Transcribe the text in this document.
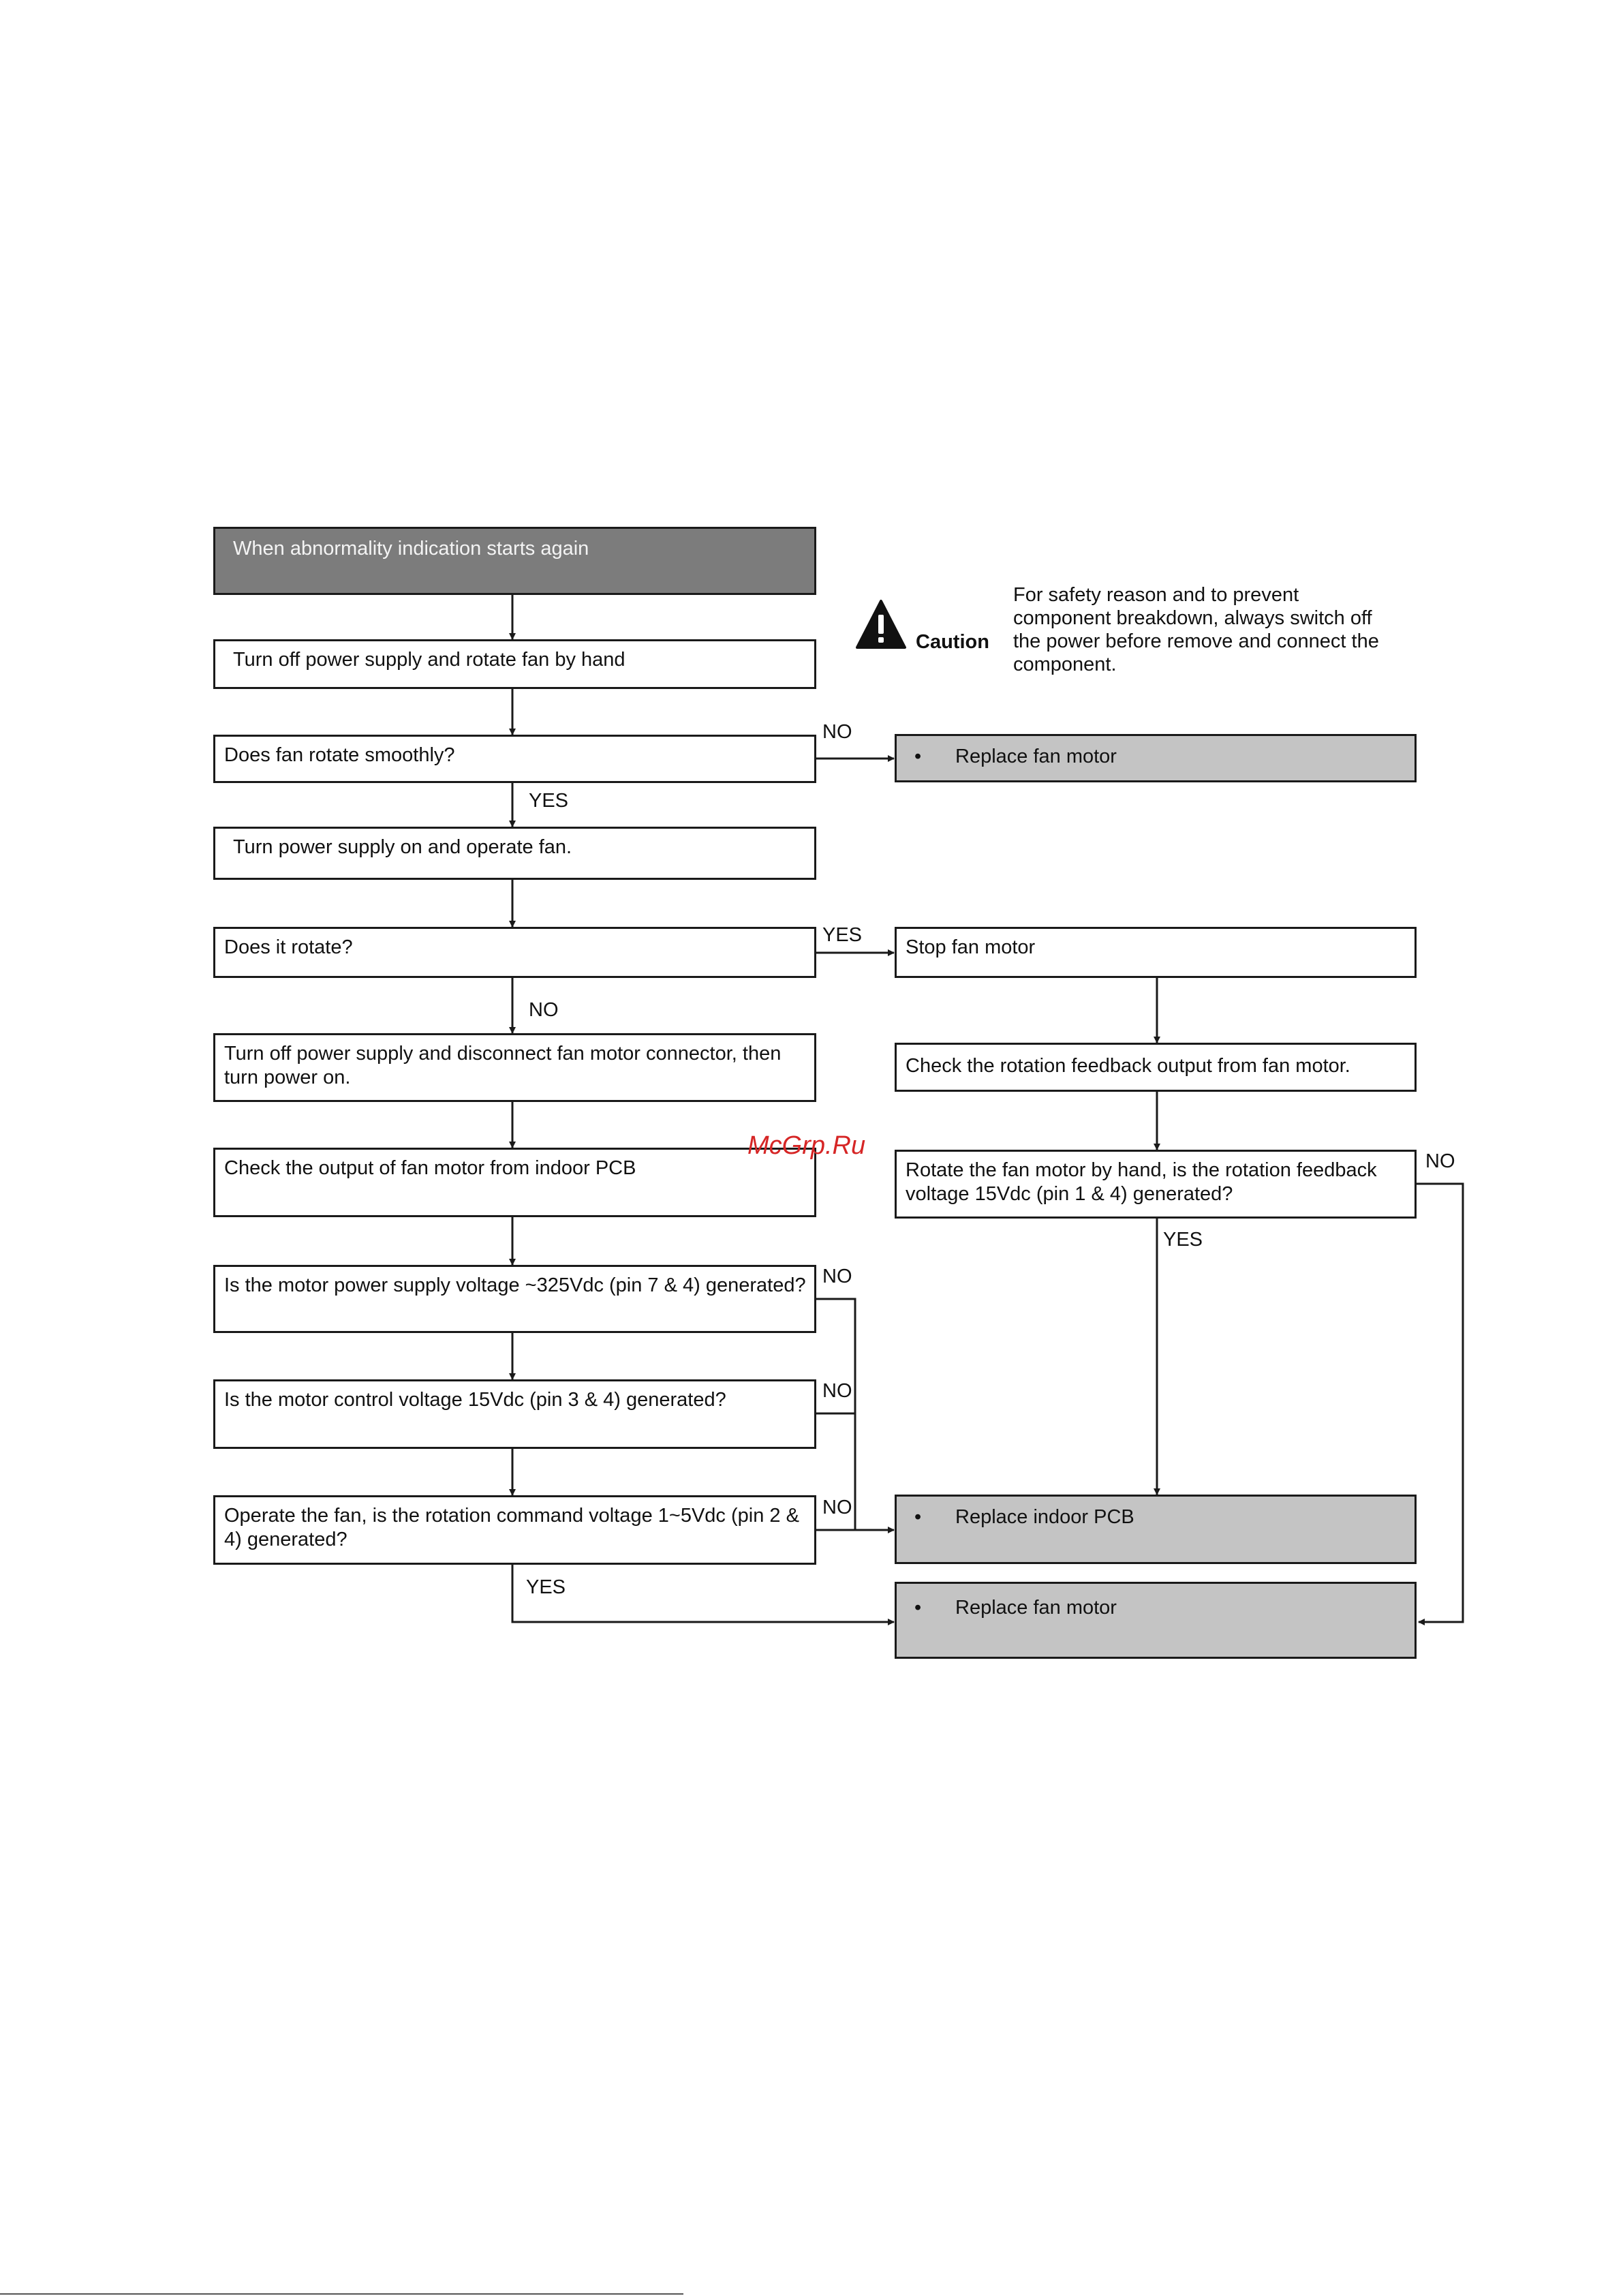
When abnormality indication starts again
Turn off power supply and rotate fan by hand
Does fan rotate smoothly?
Turn power supply on and operate fan.
Does it rotate?
Turn off power supply and disconnect fan motor connector, then turn power on.
Check the output of fan motor from indoor PCB
Is the motor power supply voltage ~325Vdc (pin 7 & 4) generated?
Is the motor control voltage 15Vdc (pin 3 & 4) generated?
Operate the fan, is the rotation command voltage 1~5Vdc (pin 2 & 4) generated?
• Replace fan motor
Stop fan motor
Check the rotation feedback output from fan motor.
Rotate the fan motor by hand, is the rotation feedback voltage 15Vdc (pin 1 & 4) generated?
• Replace indoor PCB
• Replace fan motor
NO
YES
YES
NO
NO
YES
NO
NO
NO
YES
Caution
For safety reason and to prevent component breakdown, always switch off the power before remove and connect the component.
McGrp.Ru
